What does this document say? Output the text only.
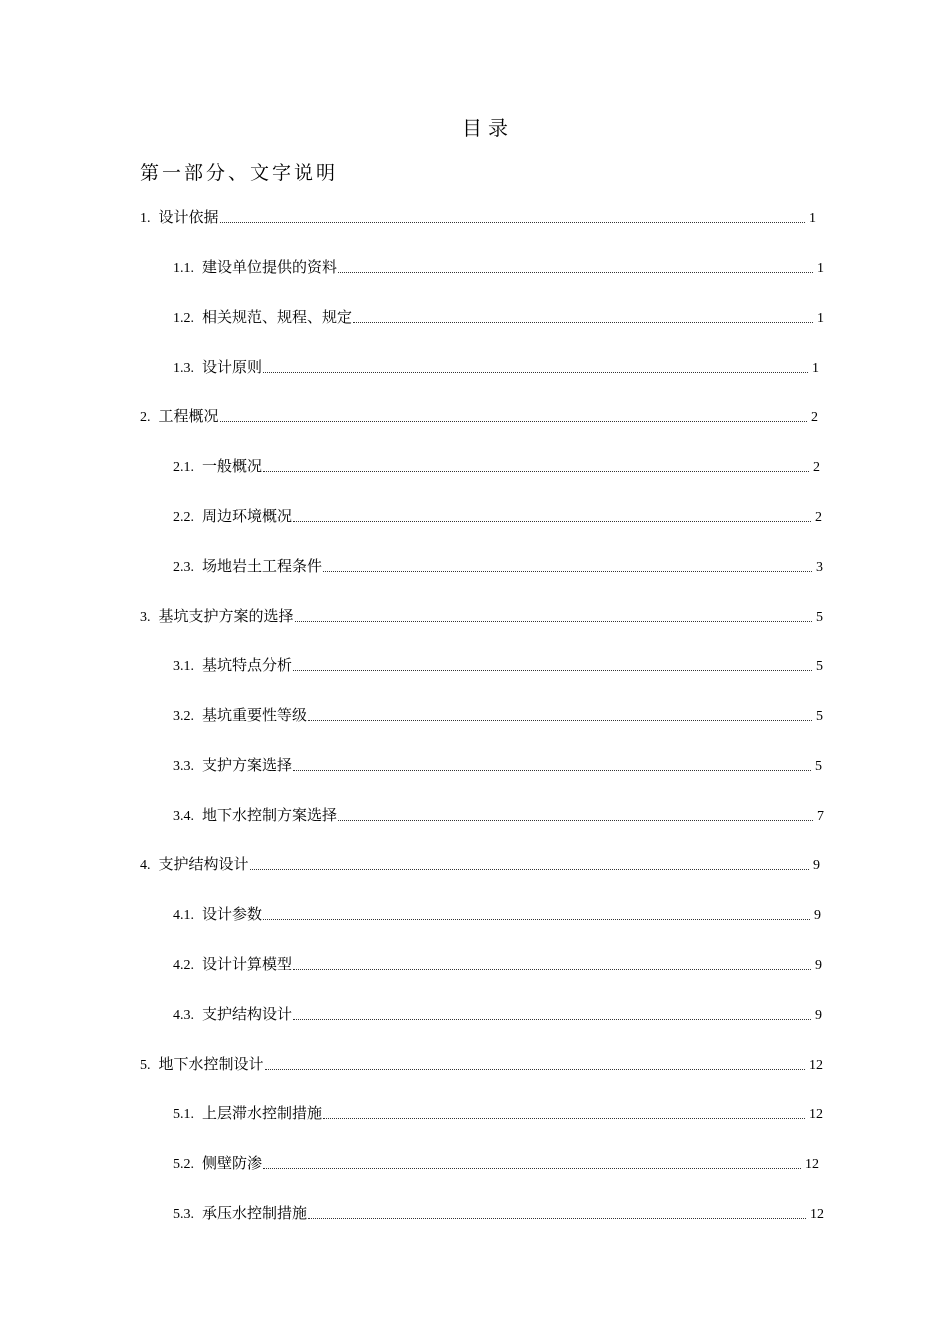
目录
第一部分、文字说明
1. 设计依据	1
1.1. 建设单位提供的资料	1
1.2. 相关规范、规程、规定	1
1.3. 设计原则	1
2. 工程概况	2
2.1. 一般概况	2
2.2. 周边环境概况	2
2.3. 场地岩土工程条件	3
3. 基坑支护方案的选择	5
3.1. 基坑特点分析	5
3.2. 基坑重要性等级	5
3.3. 支护方案选择	5
3.4. 地下水控制方案选择	7
4. 支护结构设计	9
4.1. 设计参数	9
4.2. 设计计算模型	9
4.3. 支护结构设计	9
5. 地下水控制设计	12
5.1. 上层滞水控制措施	12
5.2. 侧壁防渗	12
5.3. 承压水控制措施	12
